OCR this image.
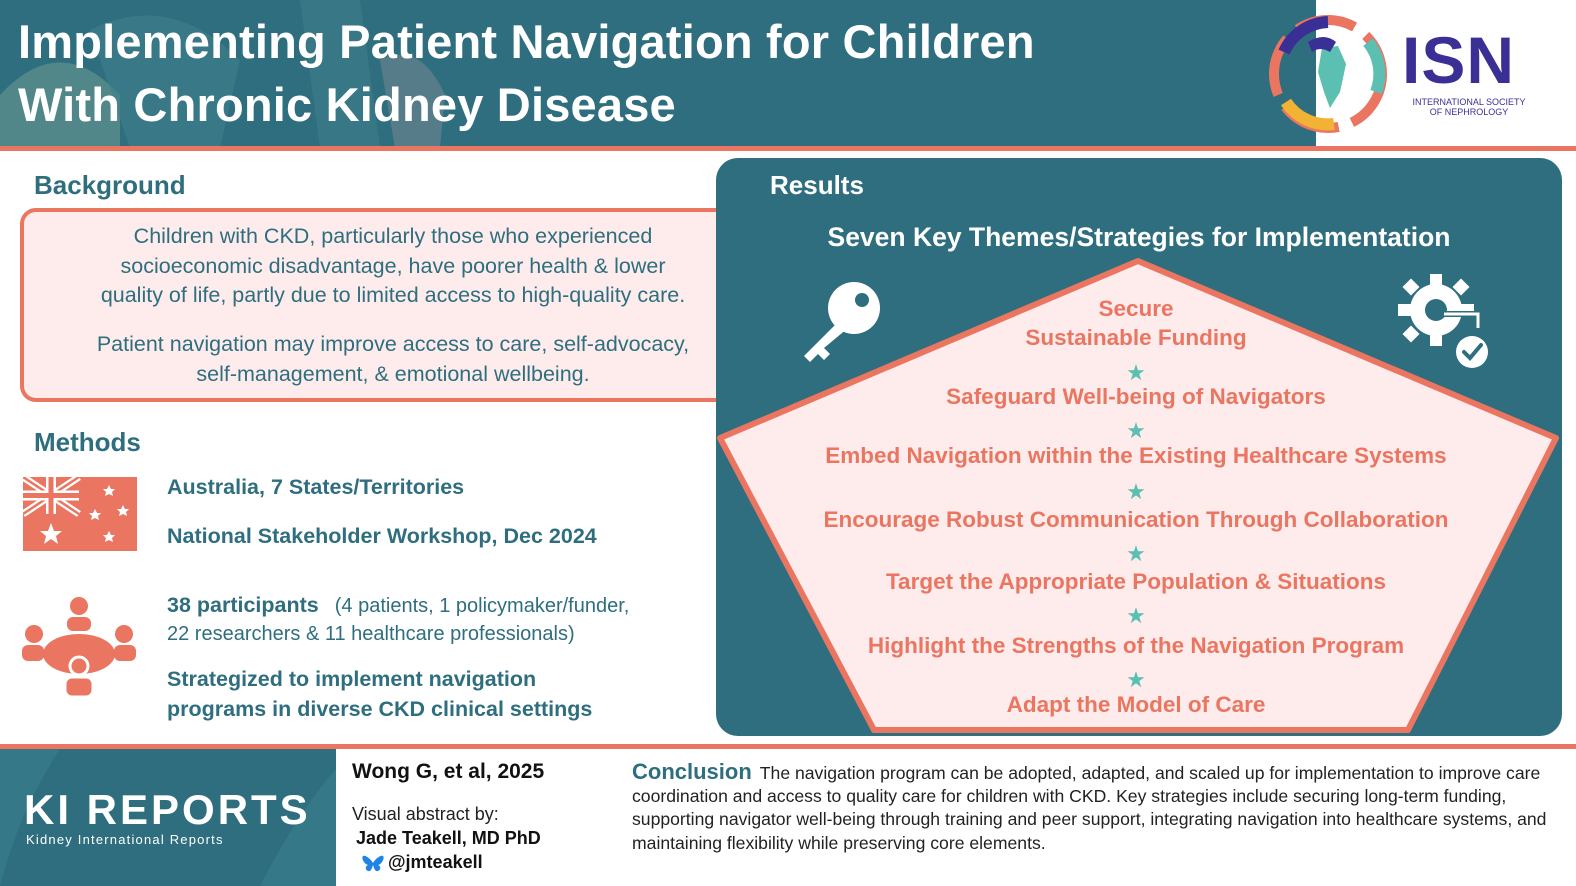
Implementing Patient Navigation for Children
With Chronic Kidney Disease
ISN
INTERNATIONAL SOCIETY
OF NEPHROLOGY
Background
Children with CKD, particularly those who experienced
socioeconomic disadvantage, have poorer health & lower
quality of life, partly due to limited access to high-quality care.
Patient navigation may improve access to care, self-advocacy,
self-management, & emotional wellbeing.
Methods
Australia, 7 States/Territories
National Stakeholder Workshop, Dec 2024
38 participants (4 patients, 1 policymaker/funder,
22 researchers & 11 healthcare professionals)
Strategized to implement navigation
programs in diverse CKD clinical settings
Results
Seven Key Themes/Strategies for Implementation
Secure
Sustainable Funding
★
Safeguard Well-being of Navigators
★
Embed Navigation within the Existing Healthcare Systems
★
Encourage Robust Communication Through Collaboration
★
Target the Appropriate Population & Situations
★
Highlight the Strengths of the Navigation Program
★
Adapt the Model of Care
KI REPORTS
Kidney International Reports
Wong G, et al, 2025
Visual abstract by:
Jade Teakell, MD PhD
@jmteakell
Conclusion The navigation program can be adopted, adapted, and scaled up for implementation to improve care coordination and access to quality care for children with CKD. Key strategies include securing long-term funding, supporting navigator well-being through training and peer support, integrating navigation into healthcare systems, and maintaining flexibility while preserving core elements.
